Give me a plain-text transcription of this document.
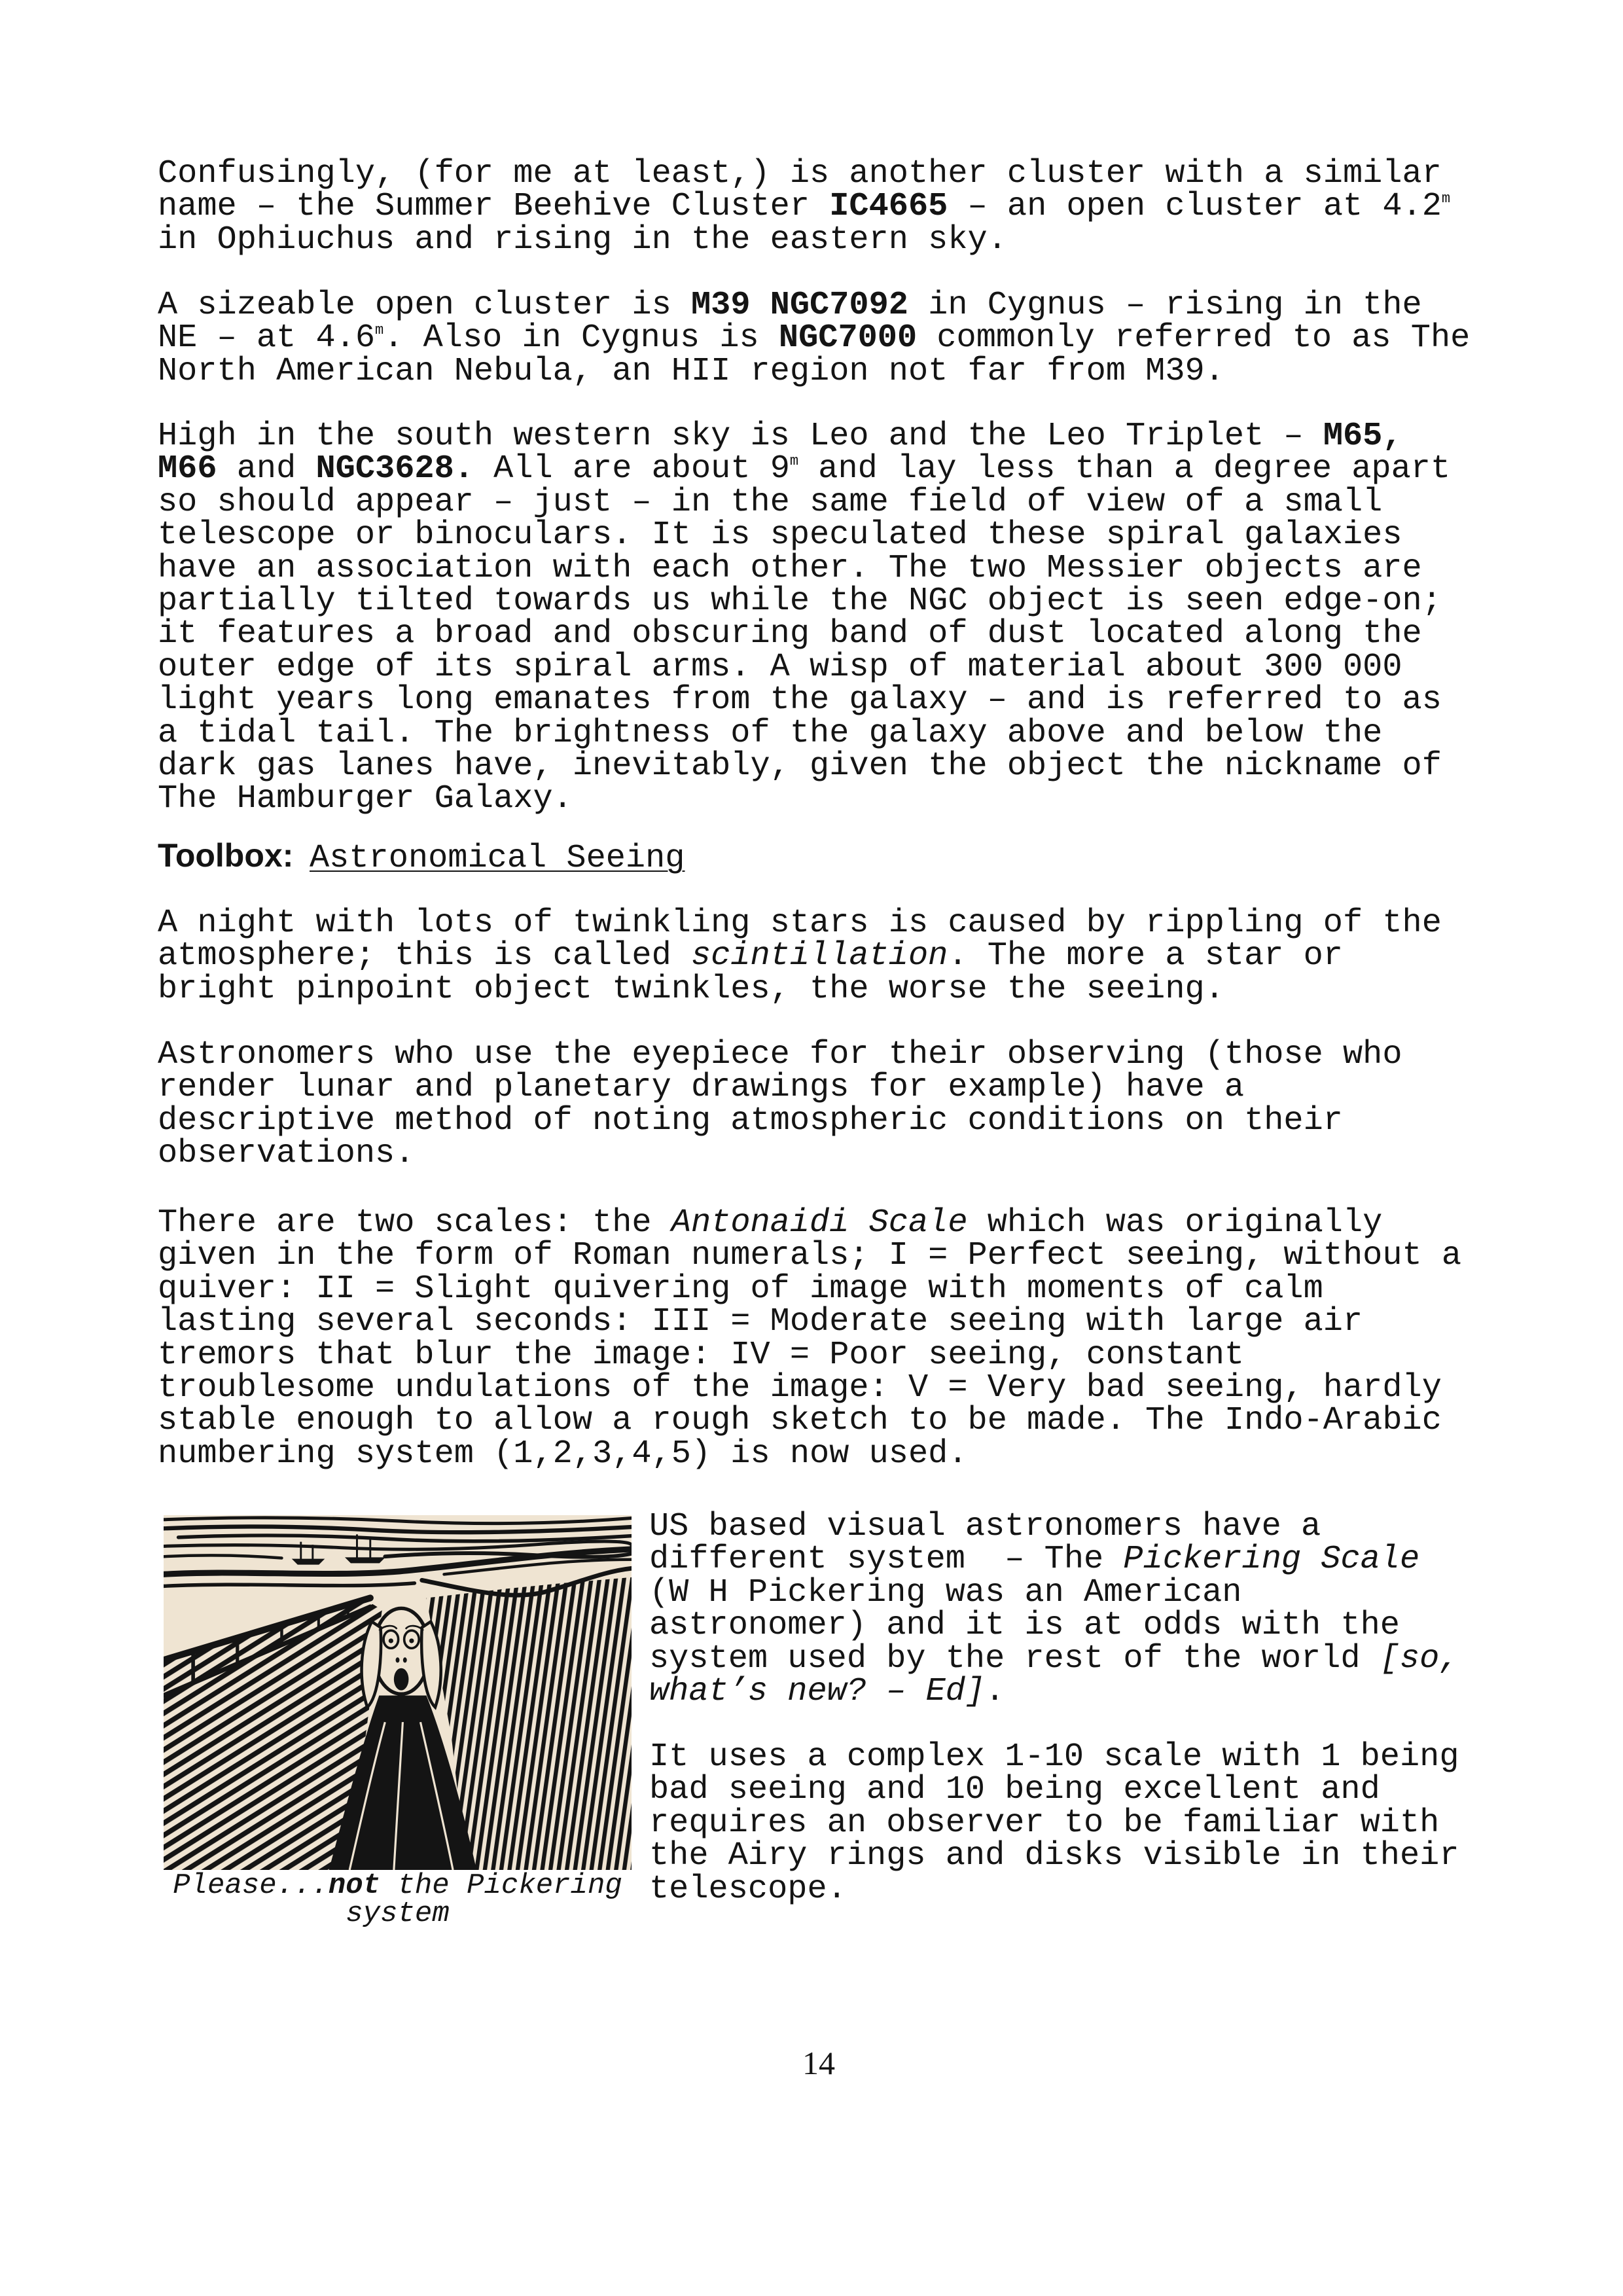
Confusingly, (for me at least,) is another cluster with a similar
name – the Summer Beehive Cluster IC4665 – an open cluster at 4.2$^m$
in Ophiuchus and rising in the eastern sky.
A sizeable open cluster is M39 NGC7092 in Cygnus – rising in the
NE – at 4.6$^m$. Also in Cygnus is NGC7000 commonly referred to as The
North American Nebula, an HII region not far from M39.
High in the south western sky is Leo and the Leo Triplet – M65,
M66 and NGC3628. All are about 9$^m$ and lay less than a degree apart
so should appear – just – in the same field of view of a small
telescope or binoculars. It is speculated these spiral galaxies
have an association with each other. The two Messier objects are
partially tilted towards us while the NGC object is seen edge-on;
it features a broad and obscuring band of dust located along the
outer edge of its spiral arms. A wisp of material about 300 000
light years long emanates from the galaxy – and is referred to as
a tidal tail. The brightness of the galaxy above and below the
dark gas lanes have, inevitably, given the object the nickname of
The Hamburger Galaxy.
Toolbox: Astronomical Seeing
A night with lots of twinkling stars is caused by rippling of the
atmosphere; this is called scintillation. The more a star or
bright pinpoint object twinkles, the worse the seeing.
Astronomers who use the eyepiece for their observing (those who
render lunar and planetary drawings for example) have a
descriptive method of noting atmospheric conditions on their
observations.
There are two scales: the Antonaidi Scale which was originally
given in the form of Roman numerals; I = Perfect seeing, without a
quiver: II = Slight quivering of image with moments of calm
lasting several seconds: III = Moderate seeing with large air
tremors that blur the image: IV = Poor seeing, constant
troublesome undulations of the image: V = Very bad seeing, hardly
stable enough to allow a rough sketch to be made. The Indo-Arabic
numbering system (1,2,3,4,5) is now used.
Please...not the Pickering
system
US based visual astronomers have a
different system  – The Pickering Scale
(W H Pickering was an American
astronomer) and it is at odds with the
system used by the rest of the world [so,
what’s new? – Ed].
It uses a complex 1-10 scale with 1 being
bad seeing and 10 being excellent and
requires an observer to be familiar with
the Airy rings and disks visible in their
telescope.
14
